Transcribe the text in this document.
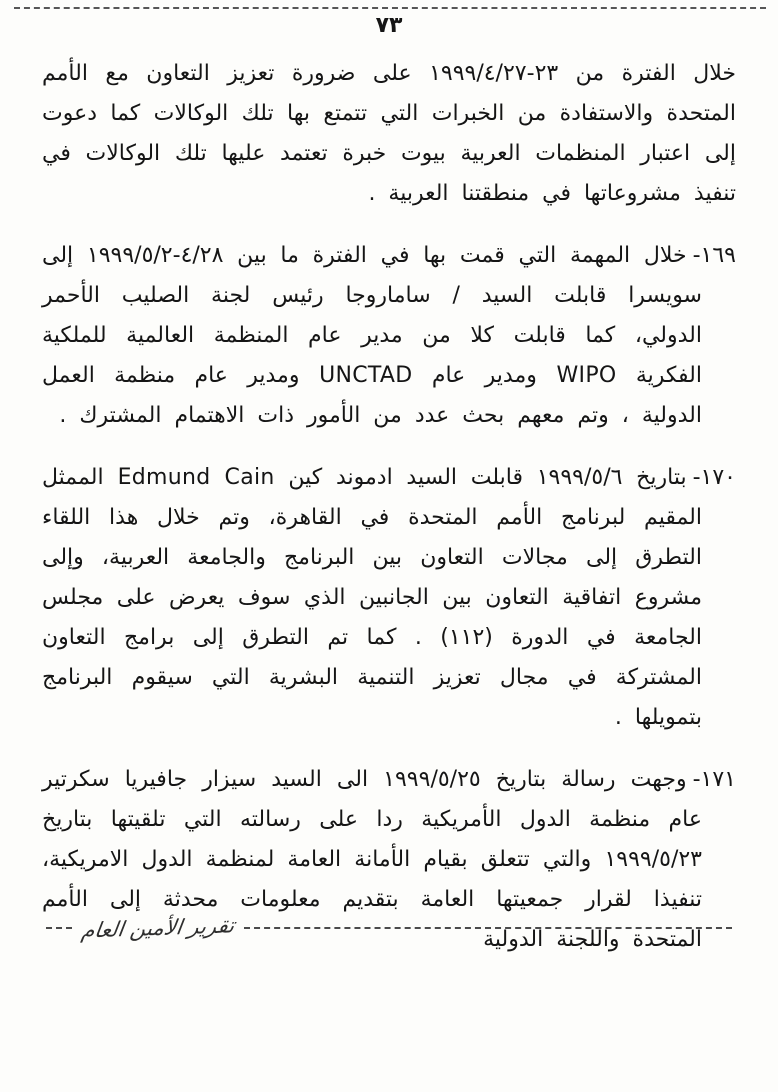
٧٣

خلال الفترة من ٢٣-١٩٩٩/٤/٢٧ على ضرورة تعزيز التعاون مع الأمم المتحدة والاستفادة من الخبرات التي تتمتع بها تلك الوكالات كما دعوت إلى اعتبار المنظمات العربية بيوت خبرة تعتمد عليها تلك الوكالات في تنفيذ مشروعاتها في منطقتنا العربية .

١٦٩-خلال المهمة التي قمت بها في الفترة ما بين ٤/٢٨-١٩٩٩/٥/٢ إلى سويسرا قابلت السيد / ساماروجا رئيس لجنة الصليب الأحمر الدولي، كما قابلت كلا من مدير عام المنظمة العالمية للملكية الفكرية WIPO ومدير عام UNCTAD ومدير عام منظمة العمل الدولية ، وتم معهم بحث عدد من الأمور ذات الاهتمام المشترك .

١٧٠-بتاريخ ١٩٩٩/٥/٦ قابلت السيد ادموند كين Edmund Cain الممثل المقيم لبرنامج الأمم المتحدة في القاهرة، وتم خلال هذا اللقاء التطرق إلى مجالات التعاون بين البرنامج والجامعة العربية، وإلى مشروع اتفاقية التعاون بين الجانبين الذي سوف يعرض على مجلس الجامعة في الدورة (١١٢) . كما تم التطرق إلى برامج التعاون المشتركة في مجال تعزيز التنمية البشرية التي سيقوم البرنامج بتمويلها .

١٧١-وجهت رسالة بتاريخ ١٩٩٩/٥/٢٥ الى السيد سيزار جافيريا سكرتير عام منظمة الدول الأمريكية ردا على رسالته التي تلقيتها بتاريخ ١٩٩٩/٥/٢٣ والتي تتعلق بقيام الأمانة العامة لمنظمة الدول الامريكية، تنفيذا لقرار جمعيتها العامة بتقديم معلومات محدثة إلى الأمم المتحدة واللجنة الدولية

تقرير الأمين العام
